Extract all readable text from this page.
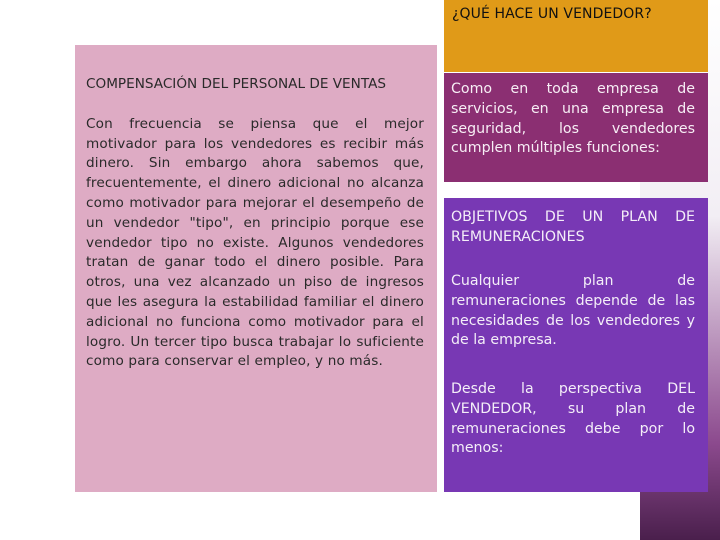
¿QUÉ HACE UN VENDEDOR?
COMPENSACIÓN DEL PERSONAL DE VENTAS
Con frecuencia se piensa que el mejor motivador para los vendedores es recibir más dinero. Sin embargo ahora sabemos que, frecuentemente, el dinero adicional no alcanza como motivador para mejorar el desempeño de un vendedor "tipo", en principio porque ese vendedor tipo no existe. Algunos vendedores tratan de ganar todo el dinero posible. Para otros, una vez alcanzado un piso de ingresos que les asegura la estabilidad familiar el dinero adicional no funciona como motivador para el logro. Un tercer tipo busca trabajar lo suficiente como para conservar el empleo, y no más.
Como en toda empresa de servicios, en una empresa de seguridad, los vendedores cumplen múltiples funciones:
OBJETIVOS DE UN PLAN DE REMUNERACIONES
Cualquier plan de remuneraciones depende de las necesidades de los vendedores y de la empresa.
Desde la perspectiva DEL VENDEDOR, su plan de remuneraciones debe por lo menos:
